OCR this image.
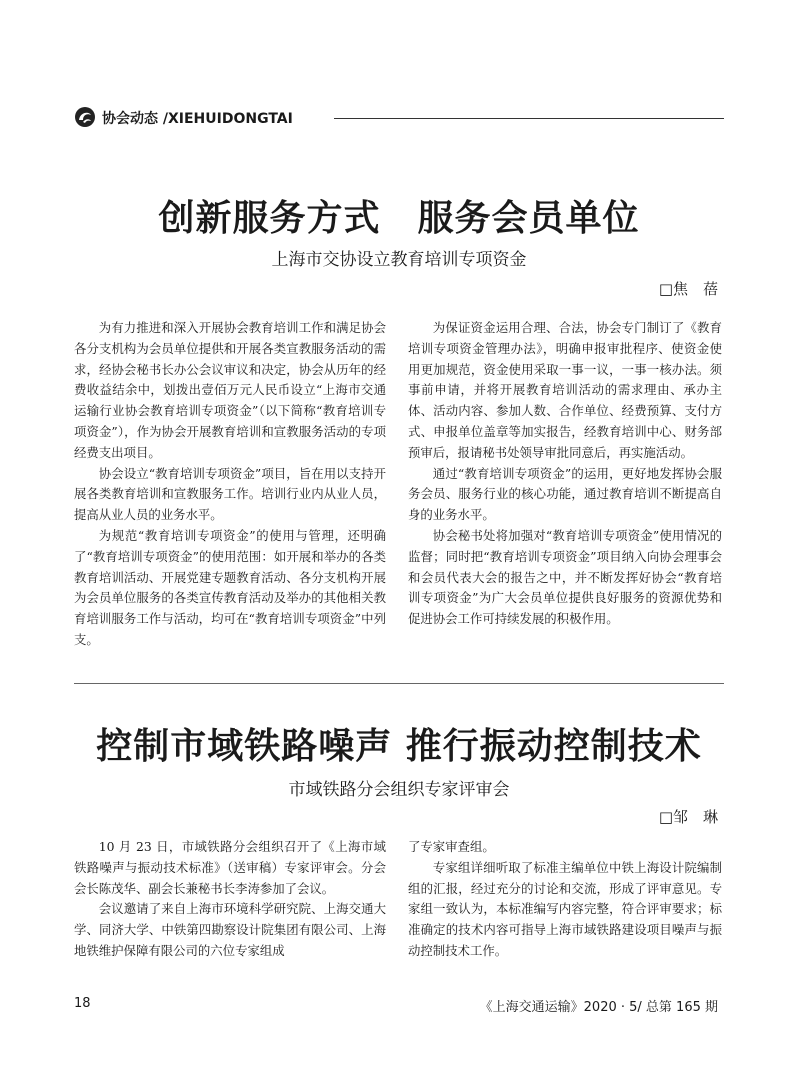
协会动态 /XIEHUIDONGTAI
创新服务方式　服务会员单位
上海市交协设立教育培训专项资金
□焦　蓓

为有力推进和深入开展协会教育培训工作和满足协会各分支机构为会员单位提供和开展各类宣教服务活动的需求，经协会秘书长办公会议审议和决定，协会从历年的经费收益结余中，划拨出壹佰万元人民币设立“上海市交通运输行业协会教育培训专项资金”（以下简称“教育培训专项资金”），作为协会开展教育培训和宣教服务活动的专项经费支出项目。

协会设立“教育培训专项资金”项目，旨在用以支持开展各类教育培训和宣教服务工作。培训行业内从业人员，提高从业人员的业务水平。

为规范“教育培训专项资金”的使用与管理，还明确了“教育培训专项资金”的使用范围：如开展和举办的各类教育培训活动、开展党建专题教育活动、各分支机构开展为会员单位服务的各类宣传教育活动及举办的其他相关教育培训服务工作与活动，均可在“教育培训专项资金”中列支。

为保证资金运用合理、合法，协会专门制订了《教育培训专项资金管理办法》，明确申报审批程序、使资金使用更加规范，资金使用采取一事一议，一事一核办法。须事前申请，并将开展教育培训活动的需求理由、承办主体、活动内容、参加人数、合作单位、经费预算、支付方式、申报单位盖章等加实报告，经教育培训中心、财务部预审后，报请秘书处领导审批同意后，再实施活动。

通过“教育培训专项资金”的运用，更好地发挥协会服务会员、服务行业的核心功能，通过教育培训不断提高自身的业务水平。

协会秘书处将加强对“教育培训专项资金”使用情况的监督；同时把“教育培训专项资金”项目纳入向协会理事会和会员代表大会的报告之中，并不断发挥好协会“教育培训专项资金”为广大会员单位提供良好服务的资源优势和促进协会工作可持续发展的积极作用。

控制市域铁路噪声 推行振动控制技术
市域铁路分会组织专家评审会
□邹　琳

10 月 23 日，市域铁路分会组织召开了《上海市域铁路噪声与振动技术标准》（送审稿）专家评审会。分会会长陈茂华、副会长兼秘书长李涛参加了会议。

会议邀请了来自上海市环境科学研究院、上海交通大学、同济大学、中铁第四勘察设计院集团有限公司、上海地铁维护保障有限公司的六位专家组成

了专家审查组。

专家组详细听取了标准主编单位中铁上海设计院编制组的汇报，经过充分的讨论和交流，形成了评审意见。专家组一致认为，本标准编写内容完整，符合评审要求；标准确定的技术内容可指导上海市域铁路建设项目噪声与振动控制技术工作。

18	《上海交通运输》2020 · 5/ 总第 165 期
